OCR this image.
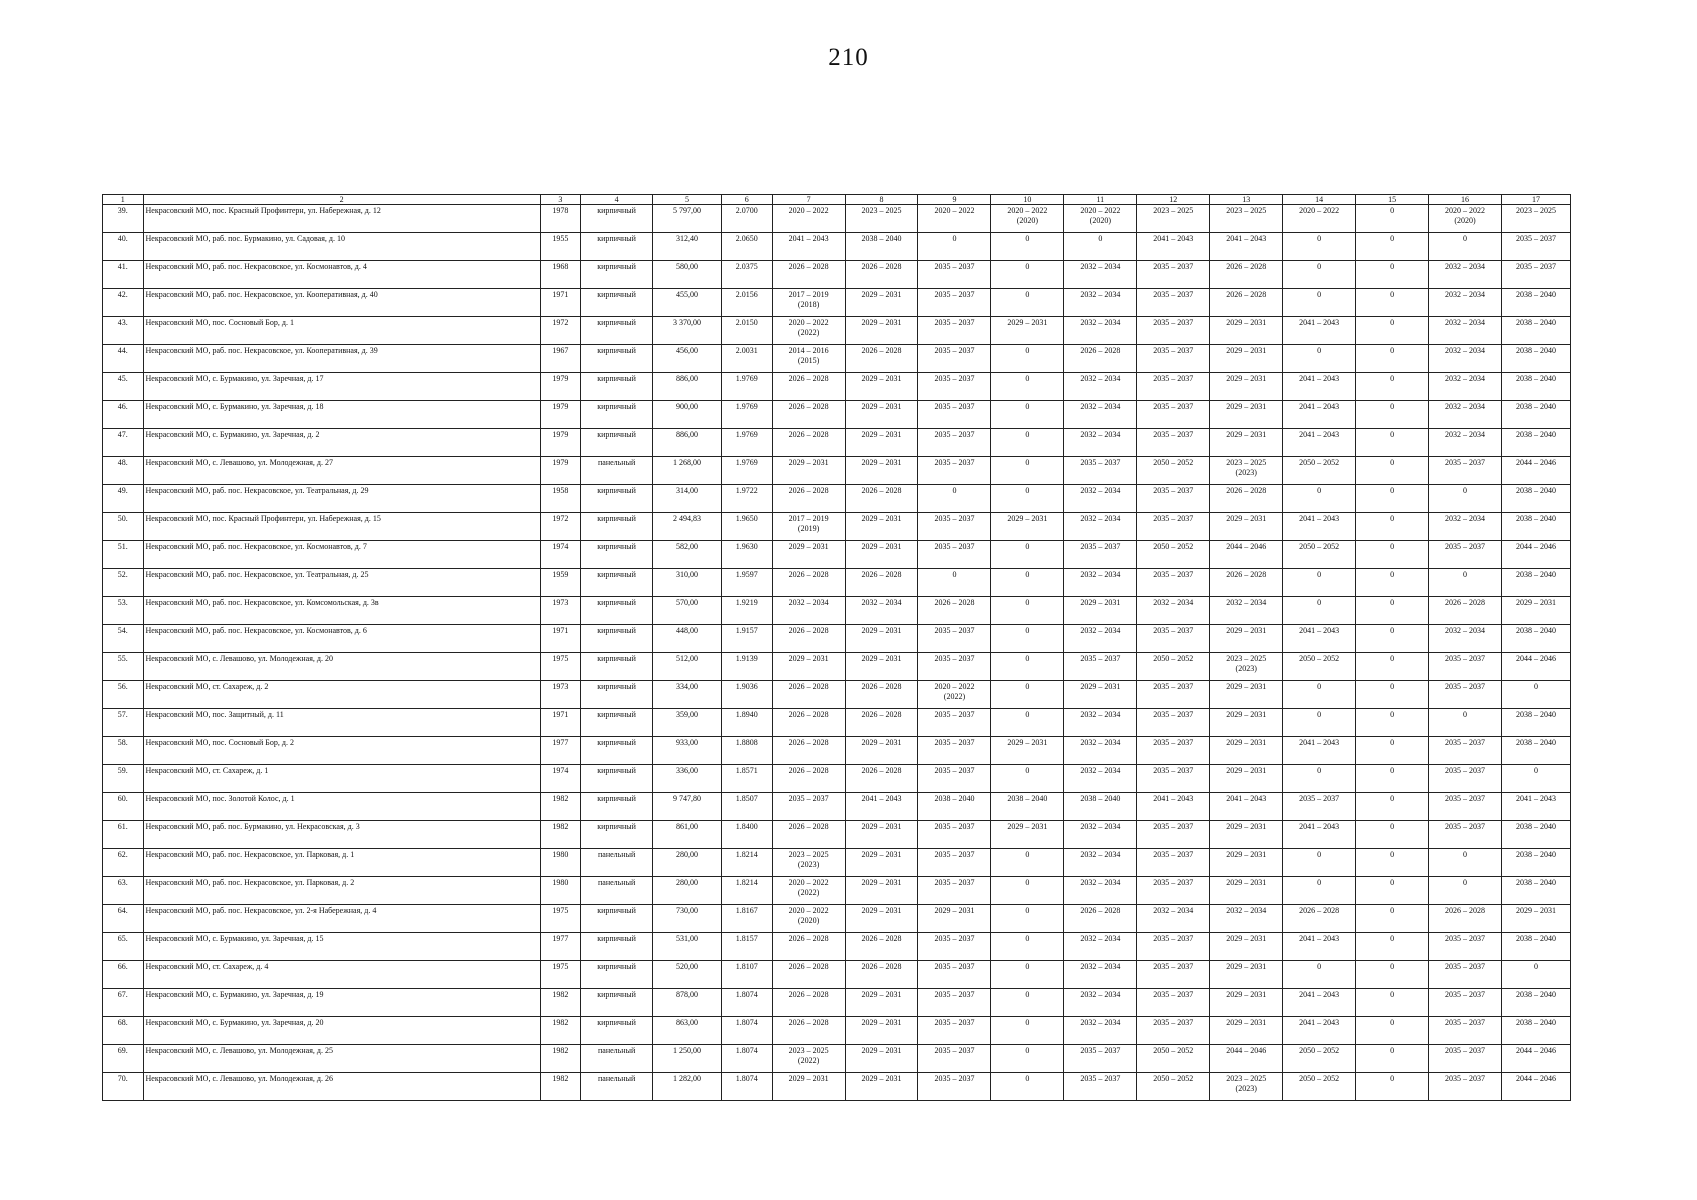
210
1	2	3	4	5	6	7	8	9	10	11	12	13	14	15	16	17
39.	Некрасовский МО, пос. Красный Профинтерн, ул. Набережная, д. 12	1978	кирпичный	5 797,00	2.0700	2020 – 2022	2023 – 2025	2020 – 2022	2020 – 2022
(2020)	2020 – 2022
(2020)	2023 – 2025	2023 – 2025	2020 – 2022	0	2020 – 2022
(2020)	2023 – 2025
40.	Некрасовский МО, раб. пос. Бурмакино, ул. Садовая, д. 10	1955	кирпичный	312,40	2.0650	2041 – 2043	2038 – 2040	0	0	0	2041 – 2043	2041 – 2043	0	0	0	2035 – 2037
41.	Некрасовский МО, раб. пос. Некрасовское, ул. Космонавтов, д. 4	1968	кирпичный	580,00	2.0375	2026 – 2028	2026 – 2028	2035 – 2037	0	2032 – 2034	2035 – 2037	2026 – 2028	0	0	2032 – 2034	2035 – 2037
42.	Некрасовский МО, раб. пос. Некрасовское, ул. Кооперативная, д. 40	1971	кирпичный	455,00	2.0156	2017 – 2019
(2018)	2029 – 2031	2035 – 2037	0	2032 – 2034	2035 – 2037	2026 – 2028	0	0	2032 – 2034	2038 – 2040
43.	Некрасовский МО, пос. Сосновый Бор, д. 1	1972	кирпичный	3 370,00	2.0150	2020 – 2022
(2022)	2029 – 2031	2035 – 2037	2029 – 2031	2032 – 2034	2035 – 2037	2029 – 2031	2041 – 2043	0	2032 – 2034	2038 – 2040
44.	Некрасовский МО, раб. пос. Некрасовское, ул. Кооперативная, д. 39	1967	кирпичный	456,00	2.0031	2014 – 2016
(2015)	2026 – 2028	2035 – 2037	0	2026 – 2028	2035 – 2037	2029 – 2031	0	0	2032 – 2034	2038 – 2040
45.	Некрасовский МО, с. Бурмакино, ул. Заречная, д. 17	1979	кирпичный	886,00	1.9769	2026 – 2028	2029 – 2031	2035 – 2037	0	2032 – 2034	2035 – 2037	2029 – 2031	2041 – 2043	0	2032 – 2034	2038 – 2040
46.	Некрасовский МО, с. Бурмакино, ул. Заречная, д. 18	1979	кирпичный	900,00	1.9769	2026 – 2028	2029 – 2031	2035 – 2037	0	2032 – 2034	2035 – 2037	2029 – 2031	2041 – 2043	0	2032 – 2034	2038 – 2040
47.	Некрасовский МО, с. Бурмакино, ул. Заречная, д. 2	1979	кирпичный	886,00	1.9769	2026 – 2028	2029 – 2031	2035 – 2037	0	2032 – 2034	2035 – 2037	2029 – 2031	2041 – 2043	0	2032 – 2034	2038 – 2040
48.	Некрасовский МО, с. Левашово, ул. Молодежная, д. 27	1979	панельный	1 268,00	1.9769	2029 – 2031	2029 – 2031	2035 – 2037	0	2035 – 2037	2050 – 2052	2023 – 2025
(2023)	2050 – 2052	0	2035 – 2037	2044 – 2046
49.	Некрасовский МО, раб. пос. Некрасовское, ул. Театральная, д. 29	1958	кирпичный	314,00	1.9722	2026 – 2028	2026 – 2028	0	0	2032 – 2034	2035 – 2037	2026 – 2028	0	0	0	2038 – 2040
50.	Некрасовский МО, пос. Красный Профинтерн, ул. Набережная, д. 15	1972	кирпичный	2 494,83	1.9650	2017 – 2019
(2019)	2029 – 2031	2035 – 2037	2029 – 2031	2032 – 2034	2035 – 2037	2029 – 2031	2041 – 2043	0	2032 – 2034	2038 – 2040
51.	Некрасовский МО, раб. пос. Некрасовское, ул. Космонавтов, д. 7	1974	кирпичный	582,00	1.9630	2029 – 2031	2029 – 2031	2035 – 2037	0	2035 – 2037	2050 – 2052	2044 – 2046	2050 – 2052	0	2035 – 2037	2044 – 2046
52.	Некрасовский МО, раб. пос. Некрасовское, ул. Театральная, д. 25	1959	кирпичный	310,00	1.9597	2026 – 2028	2026 – 2028	0	0	2032 – 2034	2035 – 2037	2026 – 2028	0	0	0	2038 – 2040
53.	Некрасовский МО, раб. пос. Некрасовское, ул. Комсомольская, д. 3в	1973	кирпичный	570,00	1.9219	2032 – 2034	2032 – 2034	2026 – 2028	0	2029 – 2031	2032 – 2034	2032 – 2034	0	0	2026 – 2028	2029 – 2031
54.	Некрасовский МО, раб. пос. Некрасовское, ул. Космонавтов, д. 6	1971	кирпичный	448,00	1.9157	2026 – 2028	2029 – 2031	2035 – 2037	0	2032 – 2034	2035 – 2037	2029 – 2031	2041 – 2043	0	2032 – 2034	2038 – 2040
55.	Некрасовский МО, с. Левашово, ул. Молодежная, д. 20	1975	кирпичный	512,00	1.9139	2029 – 2031	2029 – 2031	2035 – 2037	0	2035 – 2037	2050 – 2052	2023 – 2025
(2023)	2050 – 2052	0	2035 – 2037	2044 – 2046
56.	Некрасовский МО, ст. Сахареж, д. 2	1973	кирпичный	334,00	1.9036	2026 – 2028	2026 – 2028	2020 – 2022
(2022)	0	2029 – 2031	2035 – 2037	2029 – 2031	0	0	2035 – 2037	0
57.	Некрасовский МО, пос. Защитный, д. 11	1971	кирпичный	359,00	1.8940	2026 – 2028	2026 – 2028	2035 – 2037	0	2032 – 2034	2035 – 2037	2029 – 2031	0	0	0	2038 – 2040
58.	Некрасовский МО, пос. Сосновый Бор, д. 2	1977	кирпичный	933,00	1.8808	2026 – 2028	2029 – 2031	2035 – 2037	2029 – 2031	2032 – 2034	2035 – 2037	2029 – 2031	2041 – 2043	0	2035 – 2037	2038 – 2040
59.	Некрасовский МО, ст. Сахареж, д. 1	1974	кирпичный	336,00	1.8571	2026 – 2028	2026 – 2028	2035 – 2037	0	2032 – 2034	2035 – 2037	2029 – 2031	0	0	2035 – 2037	0
60.	Некрасовский МО, пос. Золотой Колос, д. 1	1982	кирпичный	9 747,80	1.8507	2035 – 2037	2041 – 2043	2038 – 2040	2038 – 2040	2038 – 2040	2041 – 2043	2041 – 2043	2035 – 2037	0	2035 – 2037	2041 – 2043
61.	Некрасовский МО, раб. пос. Бурмакино, ул. Некрасовская, д. 3	1982	кирпичный	861,00	1.8400	2026 – 2028	2029 – 2031	2035 – 2037	2029 – 2031	2032 – 2034	2035 – 2037	2029 – 2031	2041 – 2043	0	2035 – 2037	2038 – 2040
62.	Некрасовский МО, раб. пос. Некрасовское, ул. Парковая, д. 1	1980	панельный	280,00	1.8214	2023 – 2025
(2023)	2029 – 2031	2035 – 2037	0	2032 – 2034	2035 – 2037	2029 – 2031	0	0	0	2038 – 2040
63.	Некрасовский МО, раб. пос. Некрасовское, ул. Парковая, д. 2	1980	панельный	280,00	1.8214	2020 – 2022
(2022)	2029 – 2031	2035 – 2037	0	2032 – 2034	2035 – 2037	2029 – 2031	0	0	0	2038 – 2040
64.	Некрасовский МО, раб. пос. Некрасовское, ул. 2-я Набережная, д. 4	1975	кирпичный	730,00	1.8167	2020 – 2022
(2020)	2029 – 2031	2029 – 2031	0	2026 – 2028	2032 – 2034	2032 – 2034	2026 – 2028	0	2026 – 2028	2029 – 2031
65.	Некрасовский МО, с. Бурмакино, ул. Заречная, д. 15	1977	кирпичный	531,00	1.8157	2026 – 2028	2026 – 2028	2035 – 2037	0	2032 – 2034	2035 – 2037	2029 – 2031	2041 – 2043	0	2035 – 2037	2038 – 2040
66.	Некрасовский МО, ст. Сахареж, д. 4	1975	кирпичный	520,00	1.8107	2026 – 2028	2026 – 2028	2035 – 2037	0	2032 – 2034	2035 – 2037	2029 – 2031	0	0	2035 – 2037	0
67.	Некрасовский МО, с. Бурмакино, ул. Заречная, д. 19	1982	кирпичный	878,00	1.8074	2026 – 2028	2029 – 2031	2035 – 2037	0	2032 – 2034	2035 – 2037	2029 – 2031	2041 – 2043	0	2035 – 2037	2038 – 2040
68.	Некрасовский МО, с. Бурмакино, ул. Заречная, д. 20	1982	кирпичный	863,00	1.8074	2026 – 2028	2029 – 2031	2035 – 2037	0	2032 – 2034	2035 – 2037	2029 – 2031	2041 – 2043	0	2035 – 2037	2038 – 2040
69.	Некрасовский МО, с. Левашово, ул. Молодежная, д. 25	1982	панельный	1 250,00	1.8074	2023 – 2025
(2022)	2029 – 2031	2035 – 2037	0	2035 – 2037	2050 – 2052	2044 – 2046	2050 – 2052	0	2035 – 2037	2044 – 2046
70.	Некрасовский МО, с. Левашово, ул. Молодежная, д. 26	1982	панельный	1 282,00	1.8074	2029 – 2031	2029 – 2031	2035 – 2037	0	2035 – 2037	2050 – 2052	2023 – 2025
(2023)	2050 – 2052	0	2035 – 2037	2044 – 2046
